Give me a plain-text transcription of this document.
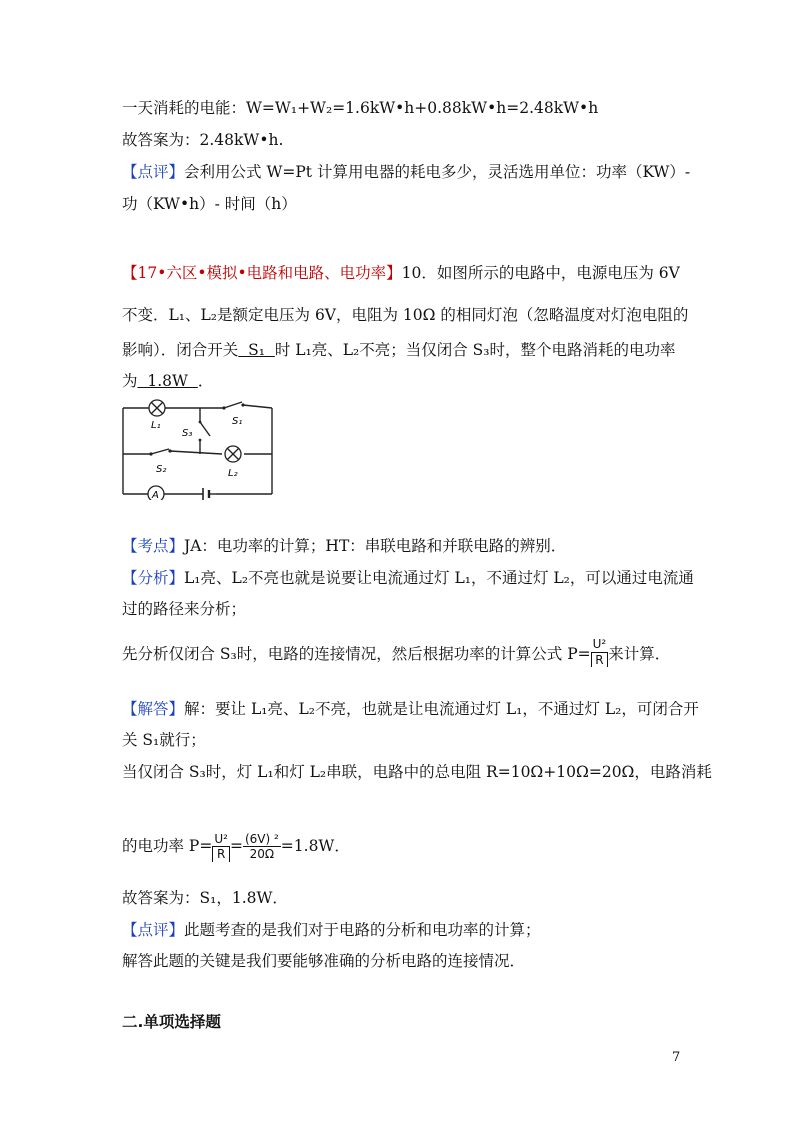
一天消耗的电能：W=W₁+W₂=1.6kW•h+0.88kW•h=2.48kW•h
故答案为：2.48kW•h.
【点评】会利用公式 W=Pt 计算用电器的耗电多少，灵活选用单位：功率（KW）-
功（KW•h）- 时间（h）
【17•六区•模拟•电路和电路、电功率】10．如图所示的电路中，电源电压为 6V
不变．L₁、L₂是额定电压为 6V，电阻为 10Ω 的相同灯泡（忽略温度对灯泡电阻的
影响）．闭合开关  S₁  时 L₁亮、L₂不亮；当仅闭合 S₃时，整个电路消耗的电功率
为  1.8W  ．
A
L₁	S₁
S₃
S₂	L₂
【考点】JA：电功率的计算；HT：串联电路和并联电路的辨别．
【分析】L₁亮、L₂不亮也就是说要让电流通过灯 L₁，不通过灯 L₂，可以通过电流通
过的路径来分析；
先分析仅闭合 S₃时，电路的连接情况，然后根据功率的计算公式 $P= \frac{\text{U²}}{R}$ 来计算．
【解答】解：要让 L₁亮、L₂不亮，也就是让电流通过灯 L₁，不通过灯 L₂，可闭合开
关 S₁就行；
当仅闭合 S₃时，灯 L₁和灯 L₂串联，电路中的总电阻 R=10Ω+10Ω=20Ω，电路消耗
的电功率 $P= \frac{\text{U²}}{R} = \frac{\text{(6V) ²}}{20\Omega} =1.8W$．
故答案为：S₁，1.8W．
【点评】此题考查的是我们对于电路的分析和电功率的计算；
解答此题的关键是我们要能够准确的分析电路的连接情况．
二.单项选择题
7
